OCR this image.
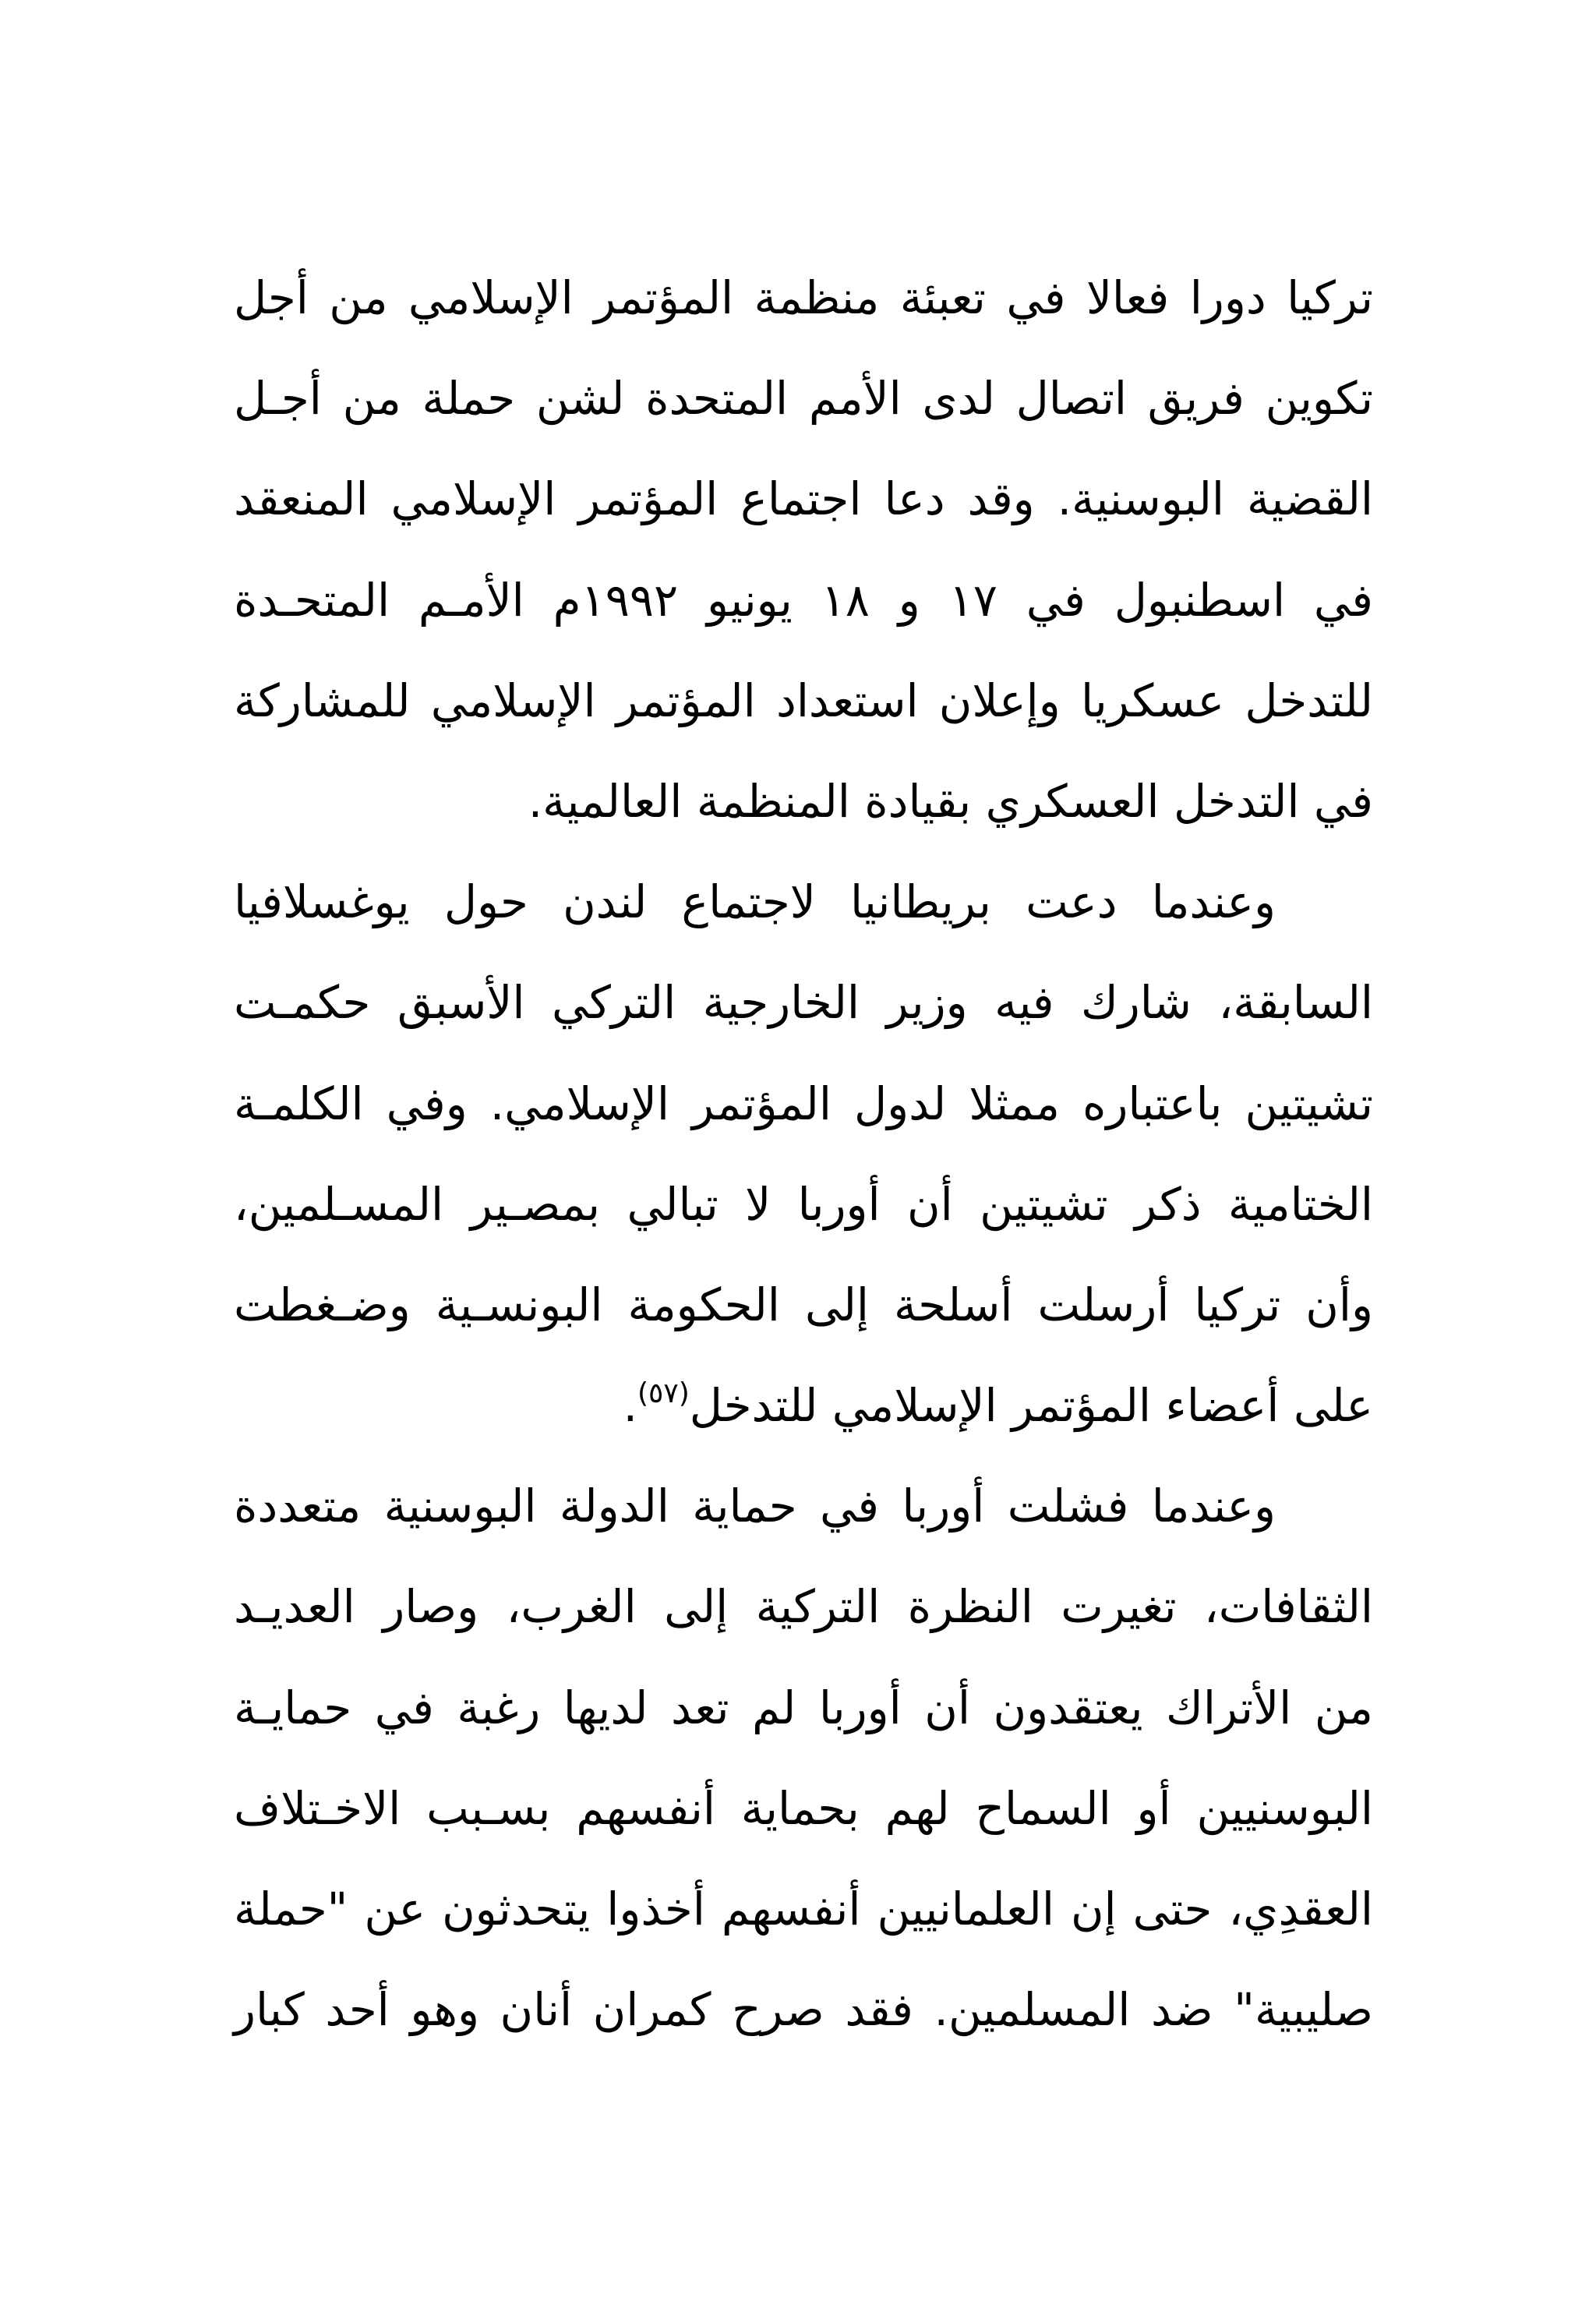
تركيا دورا فعالا في تعبئة منظمة المؤتمر الإسلامي من أجل
تكوين فريق اتصال لدى الأمم المتحدة لشن حملة من أجـل
القضية البوسنية. وقد دعا اجتماع المؤتمر الإسلامي المنعقد
في اسطنبول في ١٧ و ١٨ يونيو ١٩٩٢م الأمـم المتحـدة
للتدخل عسكريا وإعلان استعداد المؤتمر الإسلامي للمشاركة
في التدخل العسكري بقيادة المنظمة العالمية.
وعندما دعت بريطانيا لاجتماع لندن حول يوغسلافيا
السابقة، شارك فيه وزير الخارجية التركي الأسبق حكمـت
تشيتين باعتباره ممثلا لدول المؤتمر الإسلامي. وفي الكلمـة
الختامية ذكر تشيتين أن أوربا لا تبالي بمصـير المسـلمين،
وأن تركيا أرسلت أسلحة إلى الحكومة البونسـية وضـغطت
على أعضاء المؤتمر الإسلامي للتدخل$^{(٥٧)}$.
وعندما فشلت أوربا في حماية الدولة البوسنية متعددة
الثقافات، تغيرت النظرة التركية إلى الغرب، وصار العديـد
من الأتراك يعتقدون أن أوربا لم تعد لديها رغبة في حمايـة
البوسنيين أو السماح لهم بحماية أنفسهم بسـبب الاخـتلاف
العقدِي، حتى إن العلمانيين أنفسهم أخذوا يتحدثون عن "حملة
صليبية" ضد المسلمين. فقد صرح كمران أنان وهو أحد كبار
